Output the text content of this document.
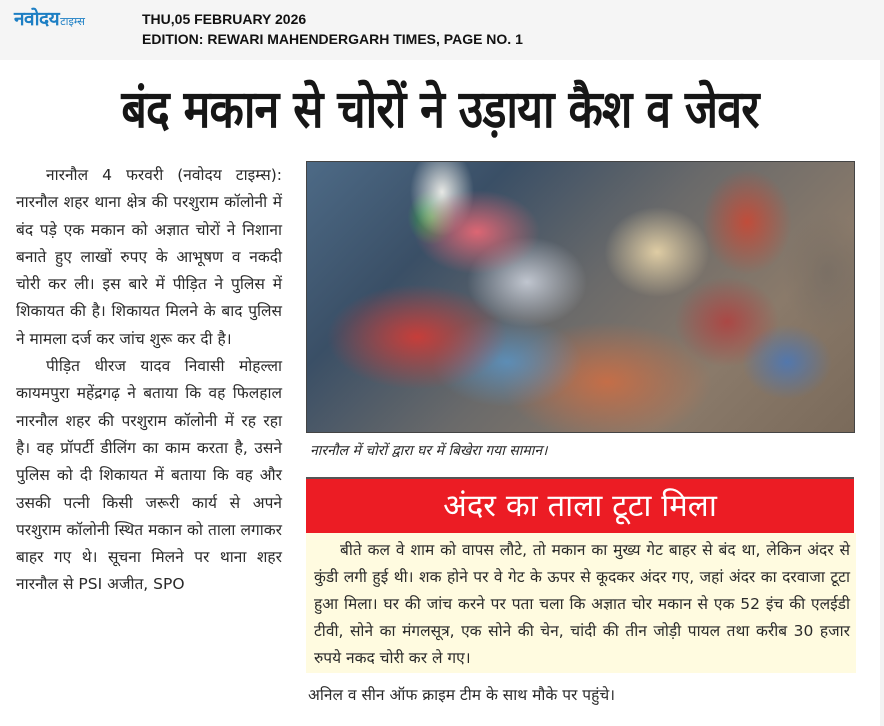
नवोदय टाइम्स	THU,05 FEBRUARY 2026
EDITION: REWARI MAHENDERGARH TIMES, PAGE NO. 1
बंद मकान से चोरों ने उड़ाया कैश व जेवर

नारनौल 4 फरवरी (नवोदय टाइम्स): नारनौल शहर थाना क्षेत्र की परशुराम कॉलोनी में बंद पड़े एक मकान को अज्ञात चोरों ने निशाना बनाते हुए लाखों रुपए के आभूषण व नकदी चोरी कर ली। इस बारे में पीड़ित ने पुलिस में शिकायत की है। शिकायत मिलने के बाद पुलिस ने मामला दर्ज कर जांच शुरू कर दी है।

पीड़ित धीरज यादव निवासी मोहल्ला कायमपुरा महेंद्रगढ़ ने बताया कि वह फिलहाल नारनौल शहर की परशुराम कॉलोनी में रह रहा है। वह प्रॉपर्टी डीलिंग का काम करता है, उसने पुलिस को दी शिकायत में बताया कि वह और उसकी पत्नी किसी जरूरी कार्य से अपने परशुराम कॉलोनी स्थित मकान को ताला लगाकर बाहर गए थे। सूचना मिलने पर थाना शहर नारनौल से PSI अजीत, SPO

नारनौल में चोरों द्वारा घर में बिखेरा गया सामान।
अंदर का ताला टूटा मिला

बीते कल वे शाम को वापस लौटे, तो मकान का मुख्य गेट बाहर से बंद था, लेकिन अंदर से कुंडी लगी हुई थी। शक होने पर वे गेट के ऊपर से कूदकर अंदर गए, जहां अंदर का दरवाजा टूटा हुआ मिला। घर की जांच करने पर पता चला कि अज्ञात चोर मकान से एक 52 इंच की एलईडी टीवी, सोने का मंगलसूत्र, एक सोने की चेन, चांदी की तीन जोड़ी पायल तथा करीब 30 हजार रुपये नकद चोरी कर ले गए।

अनिल व सीन ऑफ क्राइम टीम के साथ मौके पर पहुंचे।
